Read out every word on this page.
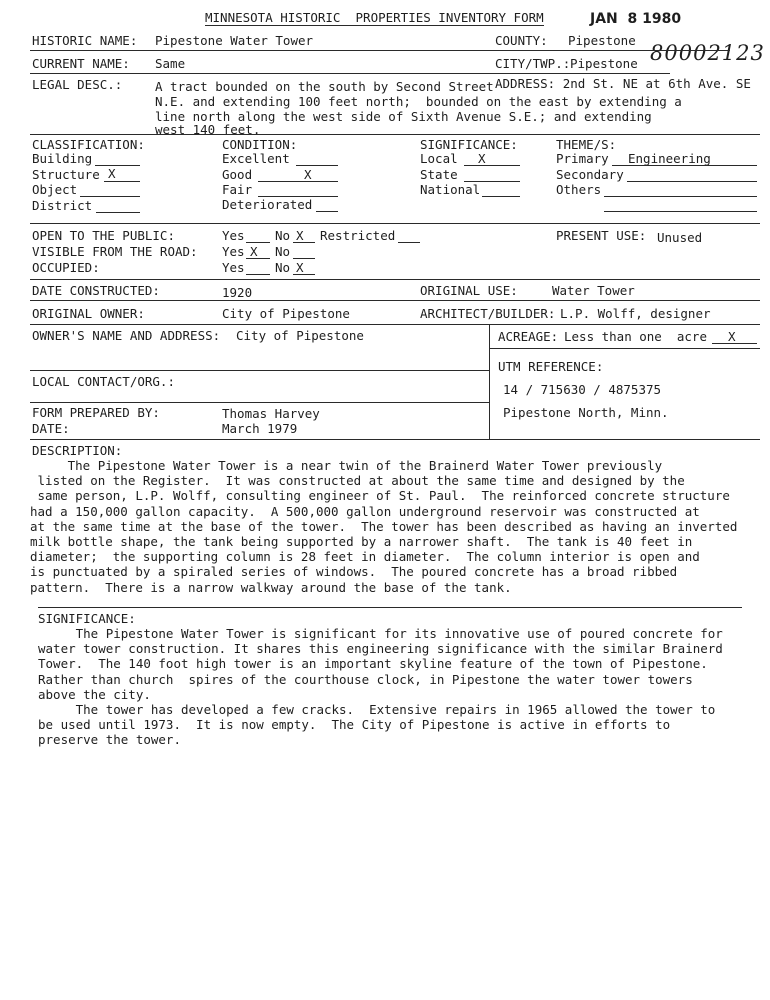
MINNESOTA HISTORIC  PROPERTIES INVENTORY FORM	JAN  8 1980
80002123
HISTORIC NAME: Pipestone Water Tower	COUNTY: Pipestone
CURRENT NAME: Same	CITY/TWP.: Pipestone
LEGAL DESC.:	A tract bounded on the south by Second Street ADDRESS: 2nd St. NE at 6th Ave. SE
N.E. and extending 100 feet north;  bounded on the east by extending a
line north along the west side of Sixth Avenue S.E.; and extending
west 140 feet.
CLASSIFICATION:
Building
Structure X
Object
District
CONDITION:
Excellent
Good	X
Fair
Deteriorated
SIGNIFICANCE:
Local X
State
National
THEME/S:
Primary Engineering
Secondary
Others
OPEN TO THE PUBLIC:	Yes No X Restricted	PRESENT USE: Unused
VISIBLE FROM THE ROAD: Yes X No
OCCUPIED:	Yes No X
DATE CONSTRUCTED:	1920	ORIGINAL USE:	Water Tower
ORIGINAL OWNER:	City of Pipestone	ARCHITECT/BUILDER: L.P. Wolff, designer
OWNER'S NAME AND ADDRESS: City of Pipestone	ACREAGE: Less than one  acre X
UTM REFERENCE:
14 / 715630 / 4875375
Pipestone North, Minn.
LOCAL CONTACT/ORG.:
FORM PREPARED BY:	Thomas Harvey
DATE:	March 1979
DESCRIPTION:
The Pipestone Water Tower is a near twin of the Brainerd Water Tower previously
listed on the Register.  It was constructed at about the same time and designed by the
same person, L.P. Wolff, consulting engineer of St. Paul.  The reinforced concrete structure
had a 150,000 gallon capacity.  A 500,000 gallon underground reservoir was constructed at
at the same time at the base of the tower.  The tower has been described as having an inverted
milk bottle shape, the tank being supported by a narrower shaft.  The tank is 40 feet in
diameter;  the supporting column is 28 feet in diameter.  The column interior is open and
is punctuated by a spiraled series of windows.  The poured concrete has a broad ribbed
pattern.  There is a narrow walkway around the base of the tank.
SIGNIFICANCE:
The Pipestone Water Tower is significant for its innovative use of poured concrete for
water tower construction. It shares this engineering significance with the similar Brainerd
Tower.  The 140 foot high tower is an important skyline feature of the town of Pipestone.
Rather than church  spires of the courthouse clock, in Pipestone the water tower towers
above the city.
The tower has developed a few cracks.  Extensive repairs in 1965 allowed the tower to
be used until 1973.  It is now empty.  The City of Pipestone is active in efforts to
preserve the tower.
